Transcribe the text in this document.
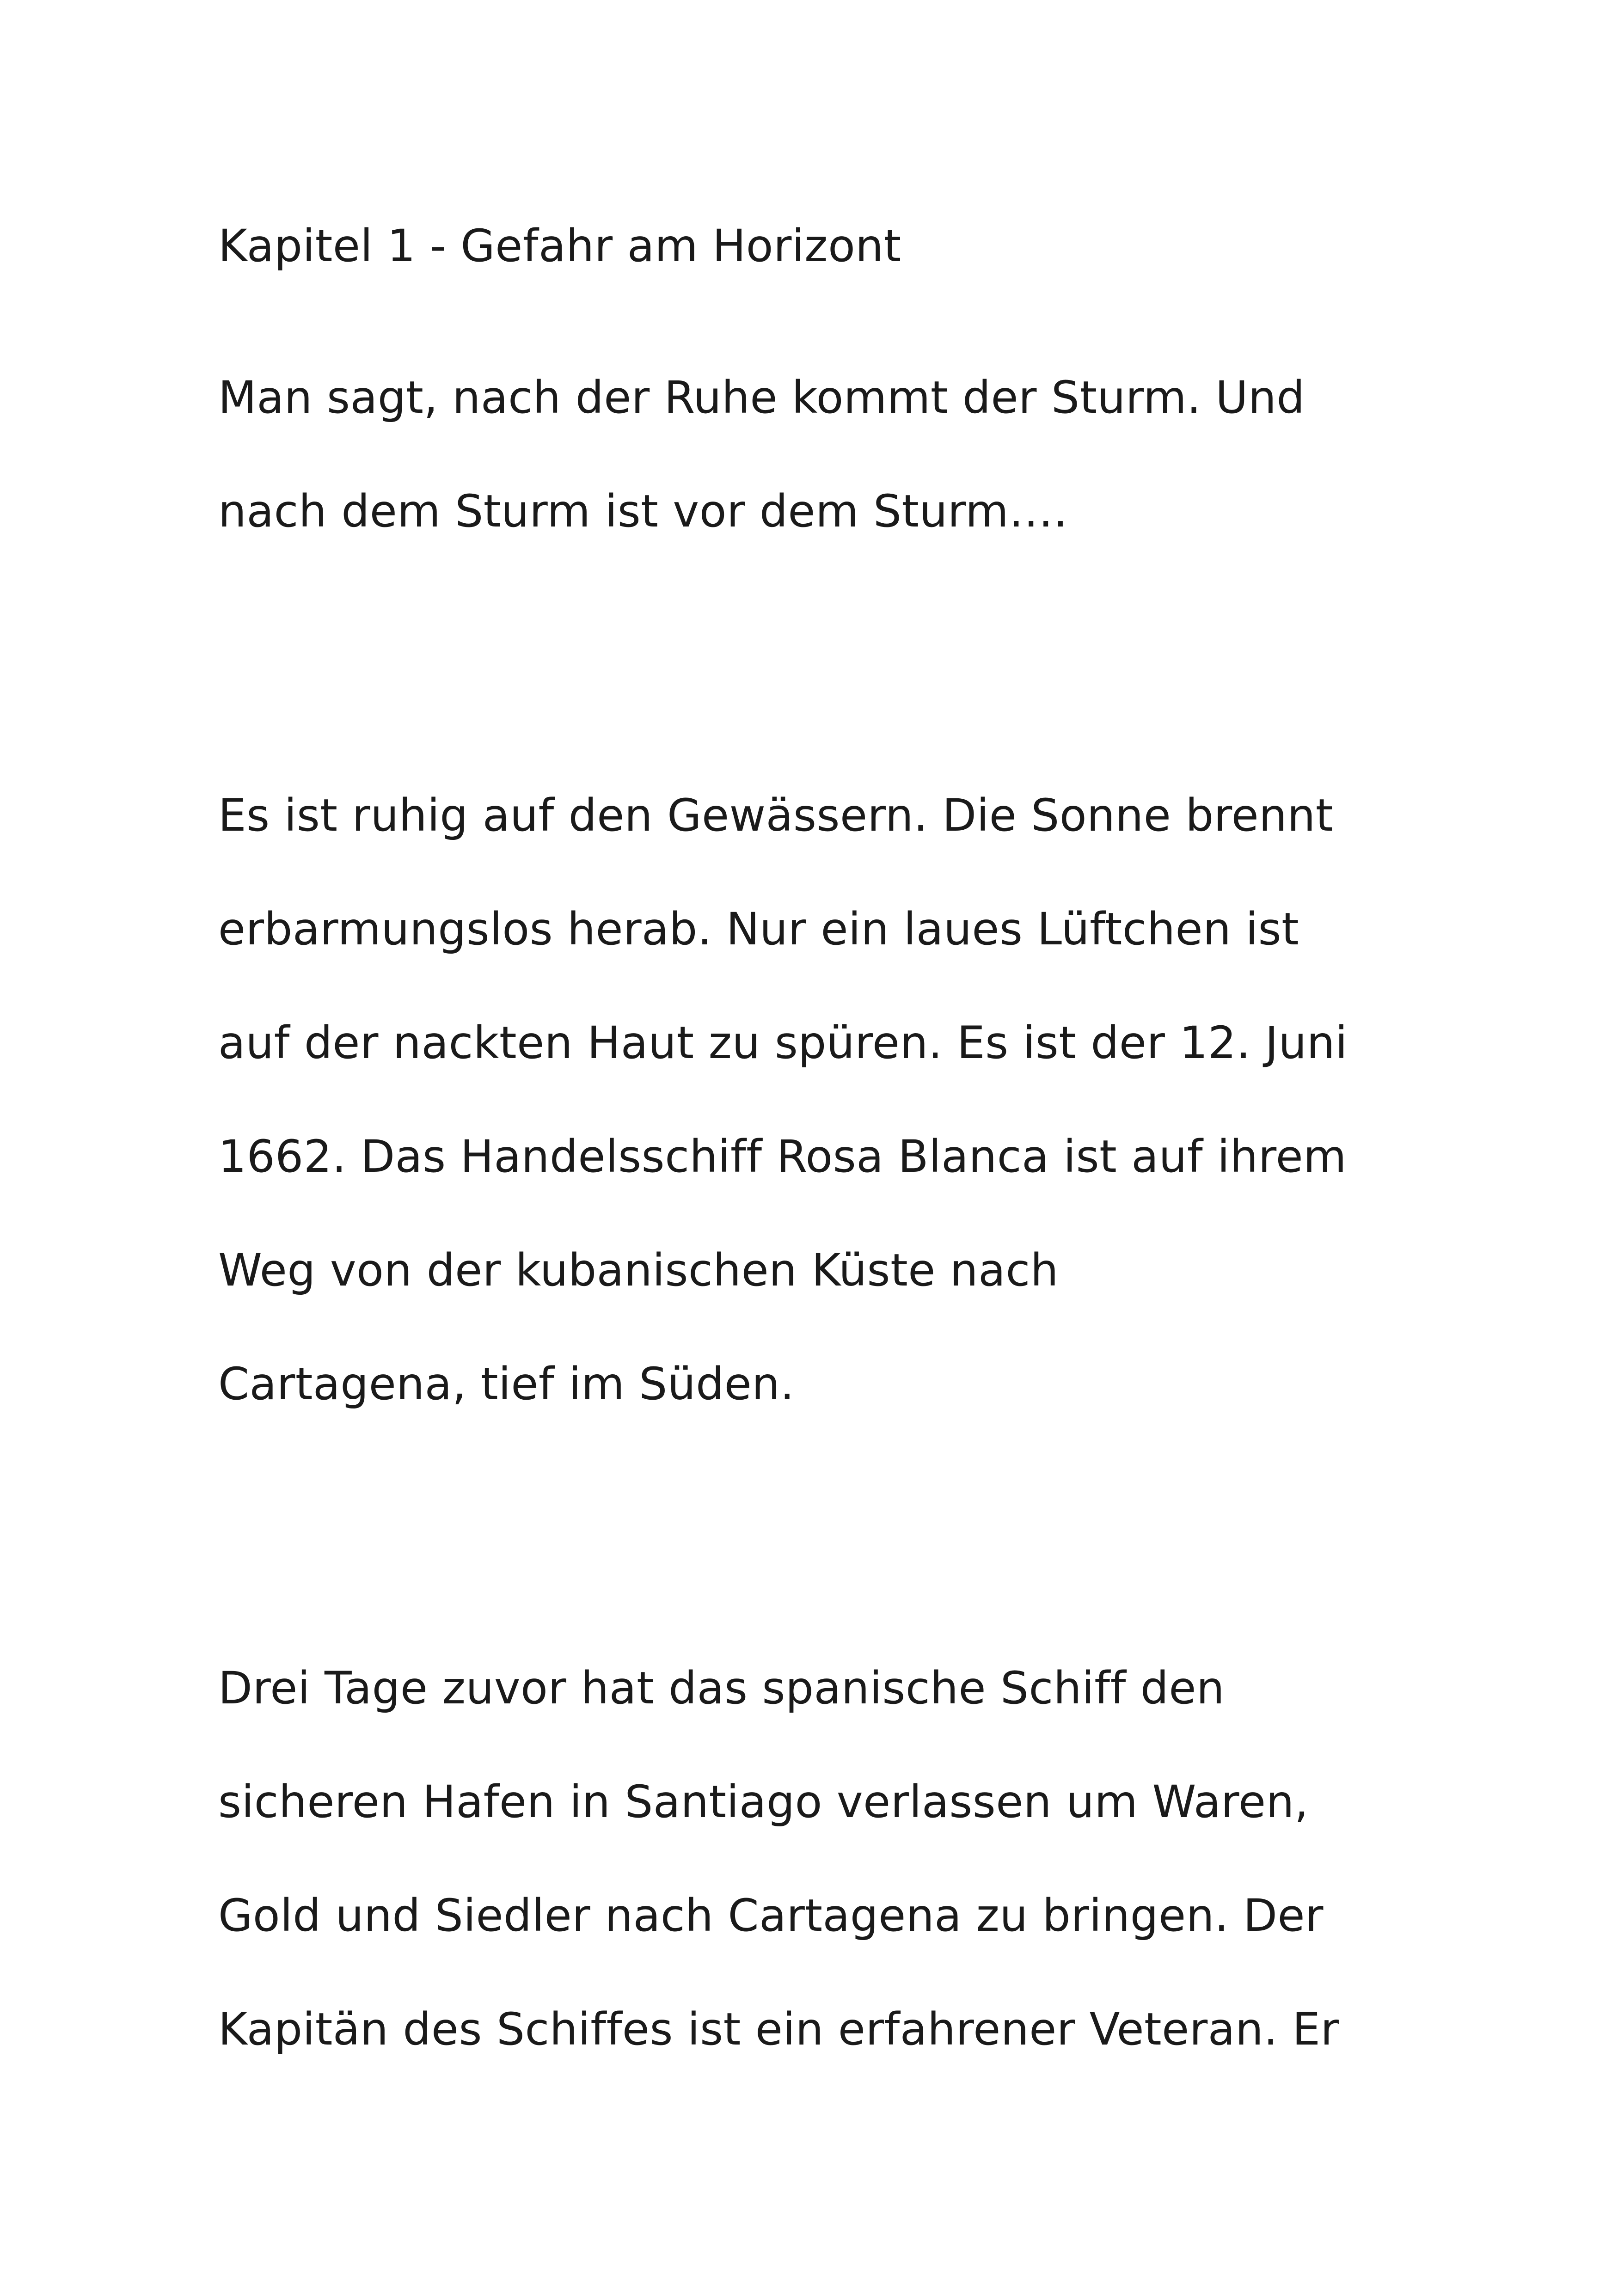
Kapitel 1 - Gefahr am Horizont

Man sagt, nach der Ruhe kommt der Sturm. Und

nach dem Sturm ist vor dem Sturm….

Es ist ruhig auf den Gewässern. Die Sonne brennt

erbarmungslos herab. Nur ein laues Lüftchen ist

auf der nackten Haut zu spüren. Es ist der 12. Juni

1662. Das Handelsschiff Rosa Blanca ist auf ihrem

Weg von der kubanischen Küste nach

Cartagena, tief im Süden.

Drei Tage zuvor hat das spanische Schiff den

sicheren Hafen in Santiago verlassen um Waren,

Gold und Siedler nach Cartagena zu bringen. Der

Kapitän des Schiffes ist ein erfahrener Veteran. Er
